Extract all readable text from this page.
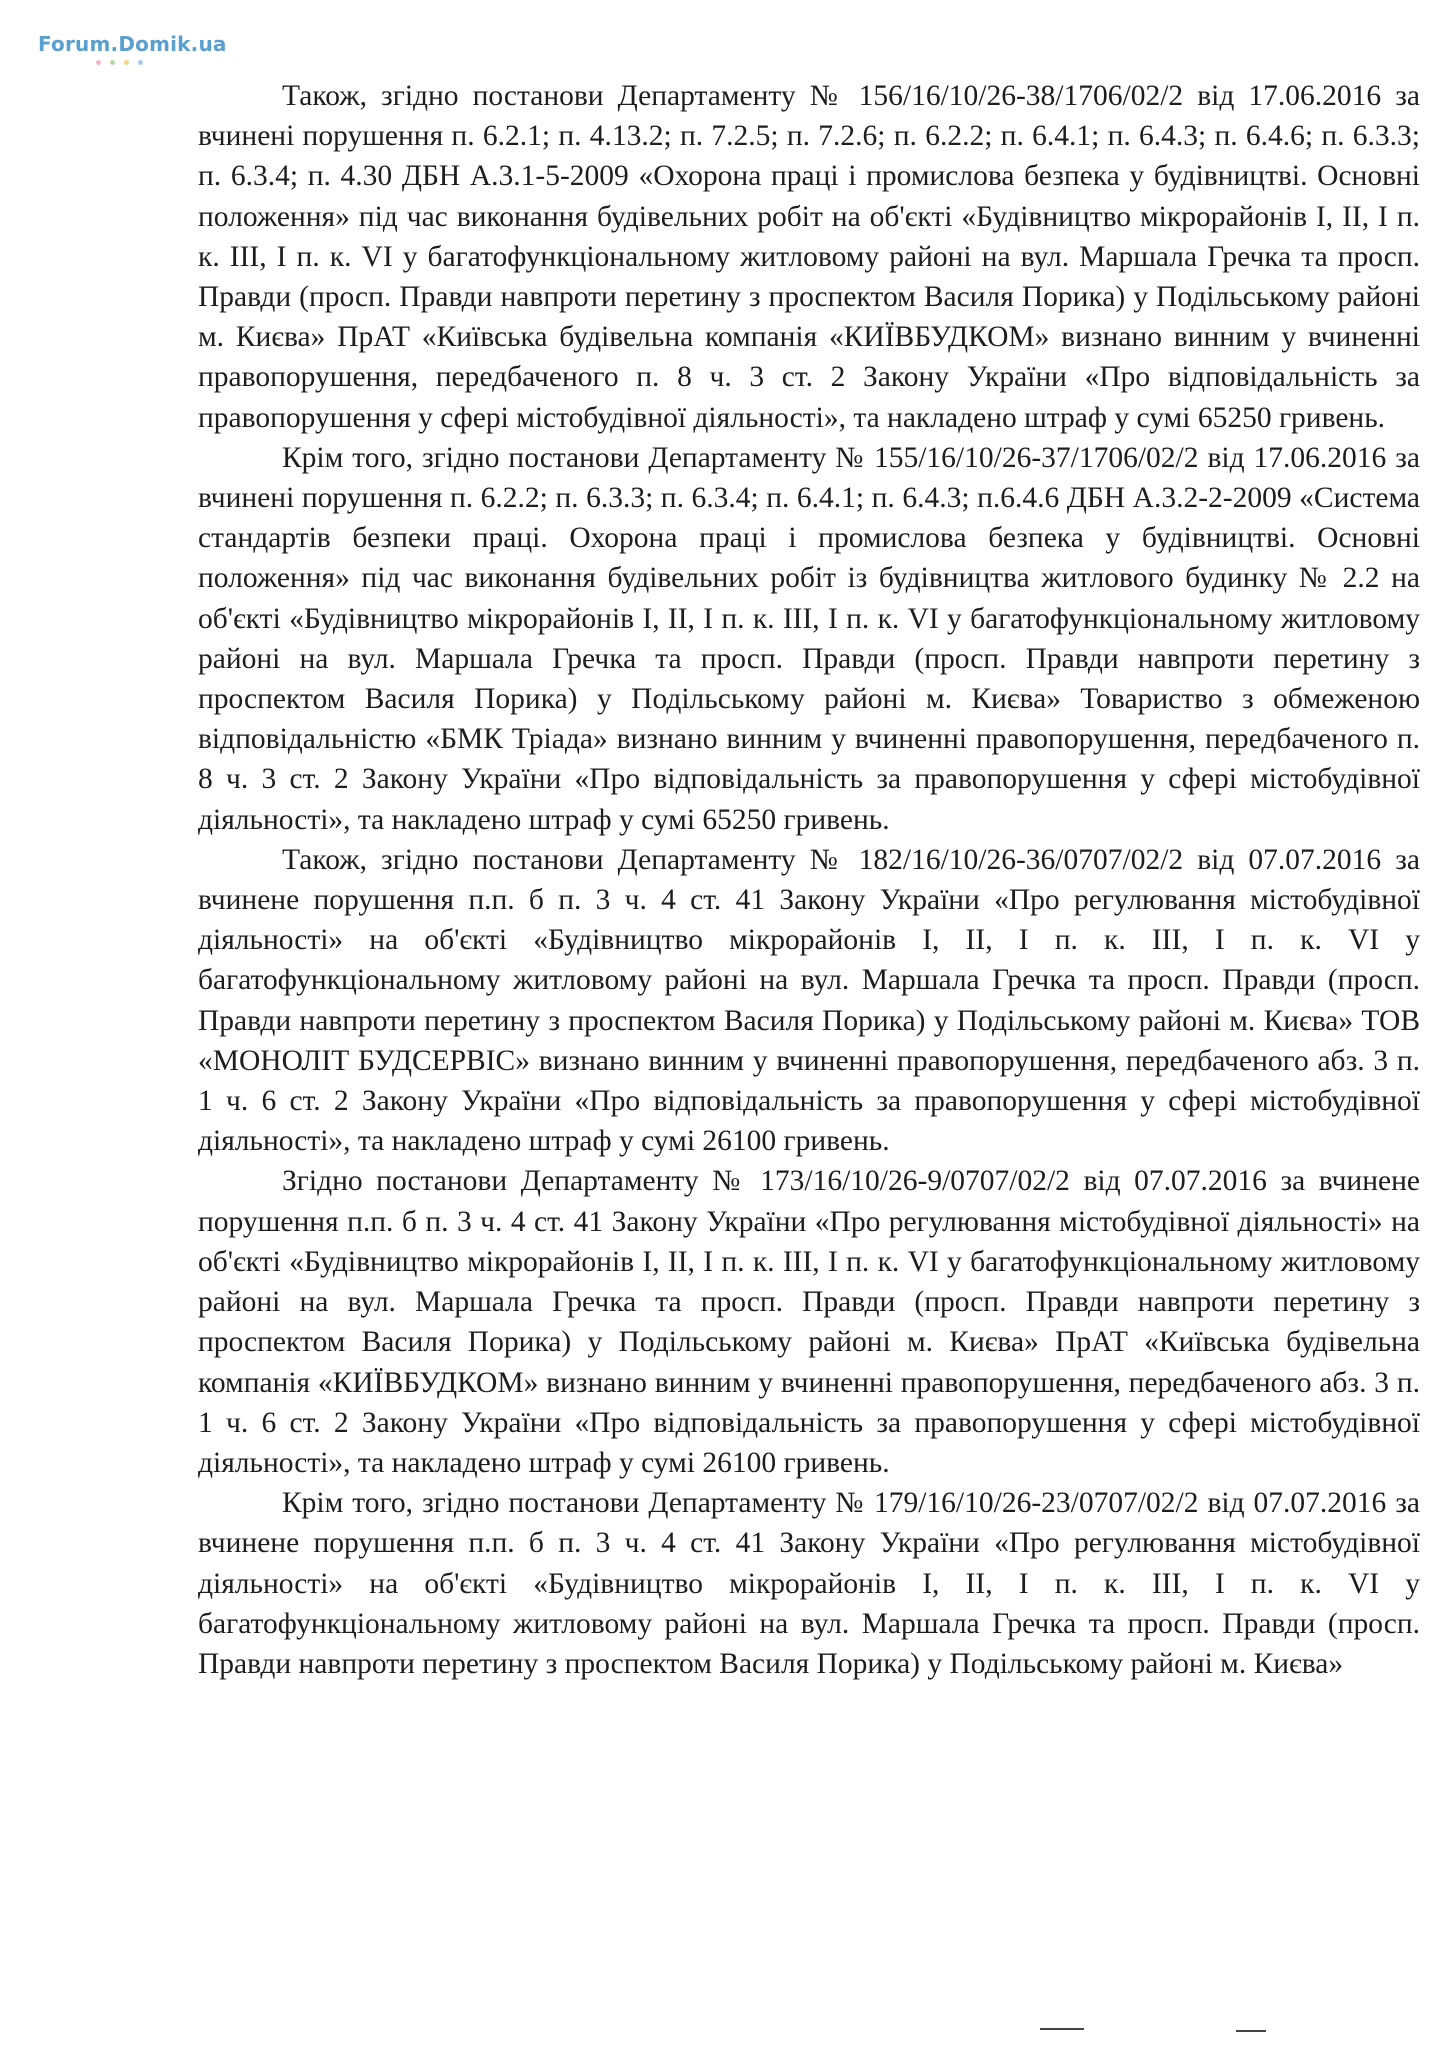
Forum.Domik.ua

Також, згідно постанови Департаменту № 156/16/10/26-38/1706/02/2 від 17.06.2016 за вчинені порушення п. 6.2.1; п. 4.13.2; п. 7.2.5; п. 7.2.6; п. 6.2.2; п. 6.4.1; п. 6.4.3; п. 6.4.6; п. 6.3.3; п. 6.3.4; п. 4.30 ДБН А.3.1-5-2009 «Охорона праці і промислова безпека у будівництві. Основні положення» під час виконання будівельних робіт на об'єкті «Будівництво мікрорайонів І, ІІ, І п. к. ІІІ, І п. к. VI у багатофункціональному житловому районі на вул. Маршала Гречка та просп. Правди (просп. Правди навпроти перетину з проспектом Василя Порика) у Подільському районі м. Києва» ПрАТ «Київська будівельна компанія «КИЇВБУДКОМ» визнано винним у вчиненні правопорушення, передбаченого п. 8 ч. 3 ст. 2 Закону України «Про відповідальність за правопорушення у сфері містобудівної діяльності», та накладено штраф у сумі 65250 гривень.

Крім того, згідно постанови Департаменту № 155/16/10/26-37/1706/02/2 від 17.06.2016 за вчинені порушення п. 6.2.2; п. 6.3.3; п. 6.3.4; п. 6.4.1; п. 6.4.3; п.6.4.6 ДБН А.3.2-2-2009 «Система стандартів безпеки праці. Охорона праці і промислова безпека у будівництві. Основні положення» під час виконання будівельних робіт із будівництва житлового будинку № 2.2 на об'єкті «Будівництво мікрорайонів І, ІІ, І п. к. ІІІ, І п. к. VI у багатофункціональному житловому районі на вул. Маршала Гречка та просп. Правди (просп. Правди навпроти перетину з проспектом Василя Порика) у Подільському районі м. Києва» Товариство з обмеженою відповідальністю «БМК Тріада» визнано винним у вчиненні правопорушення, передбаченого п. 8 ч. 3 ст. 2 Закону України «Про відповідальність за правопорушення у сфері містобудівної діяльності», та накладено штраф у сумі 65250 гривень.

Також, згідно постанови Департаменту № 182/16/10/26-36/0707/02/2 від 07.07.2016 за вчинене порушення п.п. б п. 3 ч. 4 ст. 41 Закону України «Про регулювання містобудівної діяльності» на об'єкті «Будівництво мікрорайонів І, ІІ, І п. к. ІІІ, І п. к. VI у багатофункціональному житловому районі на вул. Маршала Гречка та просп. Правди (просп. Правди навпроти перетину з проспектом Василя Порика) у Подільському районі м. Києва» ТОВ «МОНОЛІТ БУДСЕРВІС» визнано винним у вчиненні правопорушення, передбаченого абз. 3 п. 1 ч. 6 ст. 2 Закону України «Про відповідальність за правопорушення у сфері містобудівної діяльності», та накладено штраф у сумі 26100 гривень.

Згідно постанови Департаменту № 173/16/10/26-9/0707/02/2 від 07.07.2016 за вчинене порушення п.п. б п. 3 ч. 4 ст. 41 Закону України «Про регулювання містобудівної діяльності» на об'єкті «Будівництво мікрорайонів І, ІІ, І п. к. ІІІ, І п. к. VI у багатофункціональному житловому районі на вул. Маршала Гречка та просп. Правди (просп. Правди навпроти перетину з проспектом Василя Порика) у Подільському районі м. Києва» ПрАТ «Київська будівельна компанія «КИЇВБУДКОМ» визнано винним у вчиненні правопорушення, передбаченого абз. 3 п. 1 ч. 6 ст. 2 Закону України «Про відповідальність за правопорушення у сфері містобудівної діяльності», та накладено штраф у сумі 26100 гривень.

Крім того, згідно постанови Департаменту № 179/16/10/26-23/0707/02/2 від 07.07.2016 за вчинене порушення п.п. б п. 3 ч. 4 ст. 41 Закону України «Про регулювання містобудівної діяльності» на об'єкті «Будівництво мікрорайонів І, ІІ, І п. к. ІІІ, І п. к. VI у багатофункціональному житловому районі на вул. Маршала Гречка та просп. Правди (просп. Правди навпроти перетину з проспектом Василя Порика) у Подільському районі м. Києва»
